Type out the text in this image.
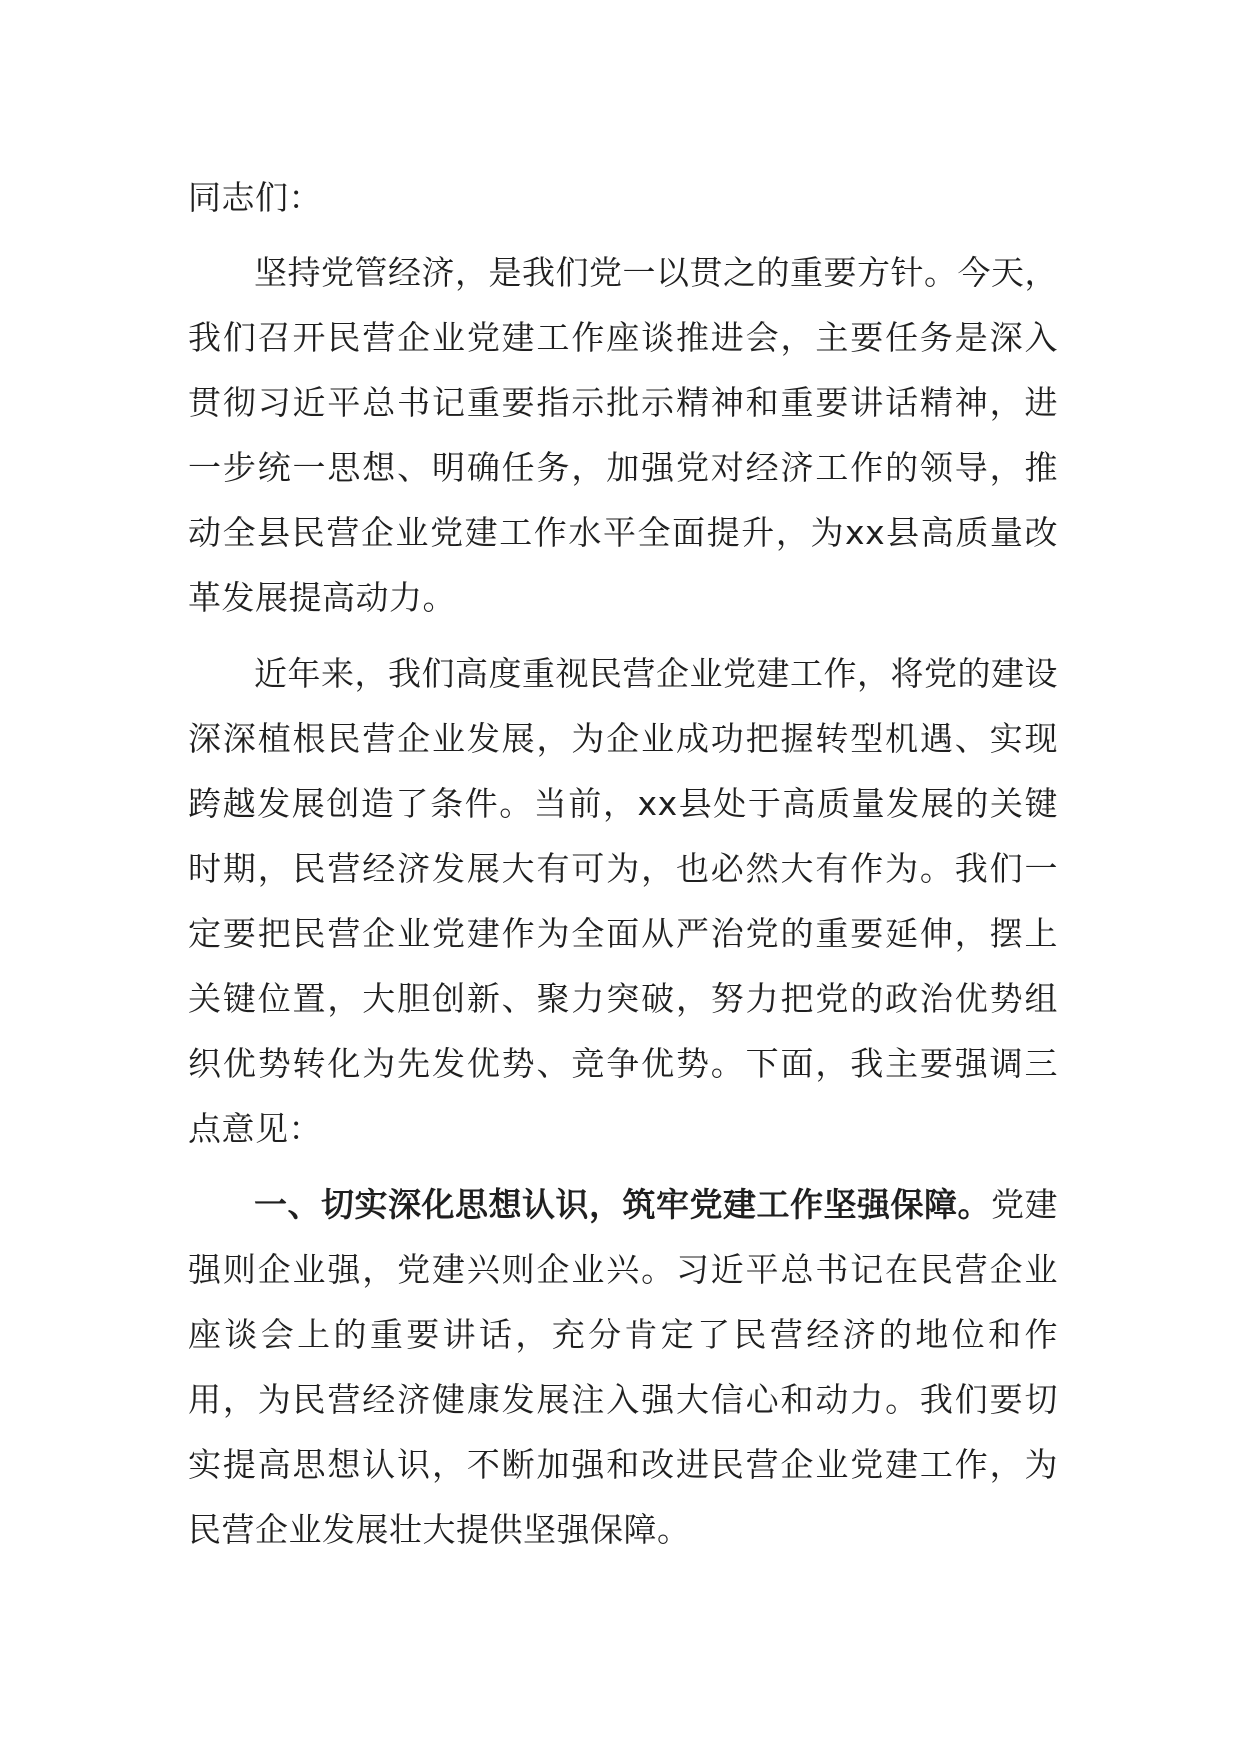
同志们：

坚持党管经济，是我们党一以贯之的重要方针。今天，我们召开民营企业党建工作座谈推进会，主要任务是深入贯彻习近平总书记重要指示批示精神和重要讲话精神，进一步统一思想、明确任务，加强党对经济工作的领导，推动全县民营企业党建工作水平全面提升，为xx县高质量改革发展提高动力。

近年来，我们高度重视民营企业党建工作，将党的建设深深植根民营企业发展，为企业成功把握转型机遇、实现跨越发展创造了条件。当前，xx县处于高质量发展的关键时期，民营经济发展大有可为，也必然大有作为。我们一定要把民营企业党建作为全面从严治党的重要延伸，摆上关键位置，大胆创新、聚力突破，努力把党的政治优势组织优势转化为先发优势、竞争优势。下面，我主要强调三点意见：

一、切实深化思想认识，筑牢党建工作坚强保障。党建强则企业强，党建兴则企业兴。习近平总书记在民营企业座谈会上的重要讲话，充分肯定了民营经济的地位和作用，为民营经济健康发展注入强大信心和动力。我们要切实提高思想认识，不断加强和改进民营企业党建工作，为民营企业发展壮大提供坚强保障。
